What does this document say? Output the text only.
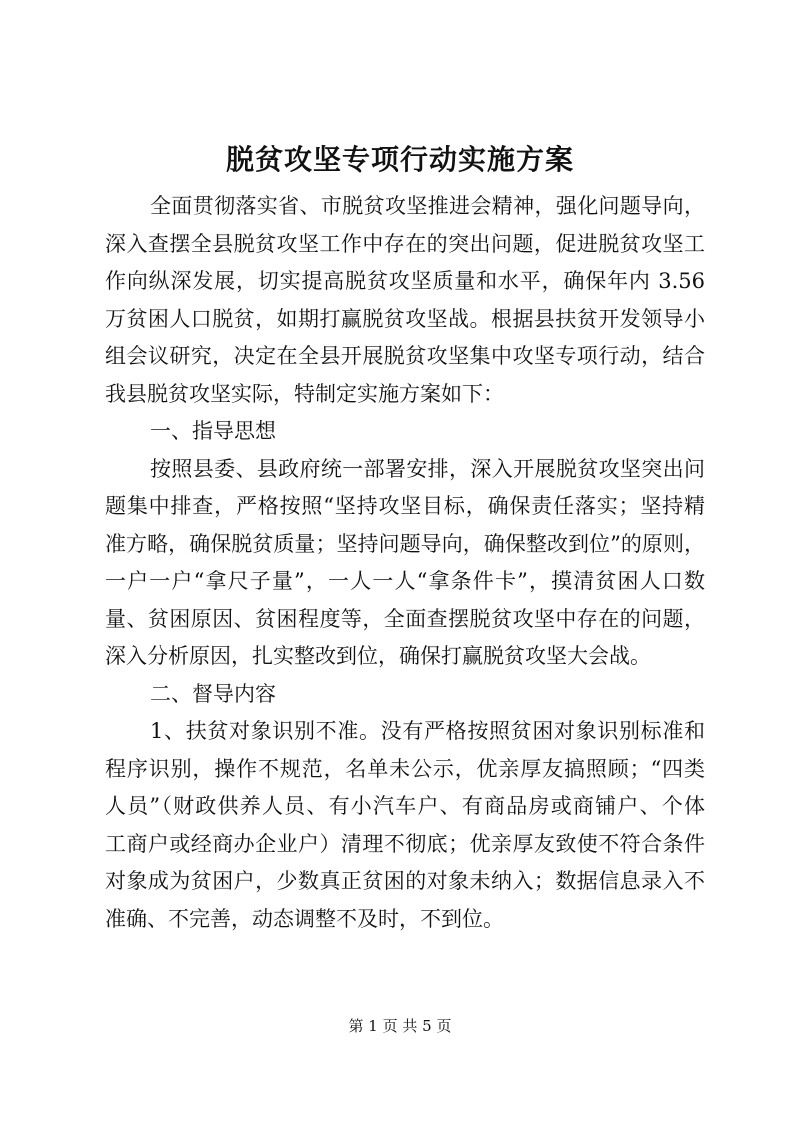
脱贫攻坚专项行动实施方案
全面贯彻落实省、市脱贫攻坚推进会精神，强化问题导向，
深入查摆全县脱贫攻坚工作中存在的突出问题，促进脱贫攻坚工
作向纵深发展，切实提高脱贫攻坚质量和水平，确保年内 3.56
万贫困人口脱贫，如期打赢脱贫攻坚战。根据县扶贫开发领导小
组会议研究，决定在全县开展脱贫攻坚集中攻坚专项行动，结合
我县脱贫攻坚实际，特制定实施方案如下：
一、指导思想
按照县委、县政府统一部署安排，深入开展脱贫攻坚突出问
题集中排查，严格按照“坚持攻坚目标，确保责任落实；坚持精
准方略，确保脱贫质量；坚持问题导向，确保整改到位”的原则，
一户一户“拿尺子量”，一人一人“拿条件卡”，摸清贫困人口数
量、贫困原因、贫困程度等，全面查摆脱贫攻坚中存在的问题，
深入分析原因，扎实整改到位，确保打赢脱贫攻坚大会战。
二、督导内容
1、扶贫对象识别不准。没有严格按照贫困对象识别标准和
程序识别，操作不规范，名单未公示，优亲厚友搞照顾；“四类
人员”（财政供养人员、有小汽车户、有商品房或商铺户、个体
工商户或经商办企业户）清理不彻底；优亲厚友致使不符合条件
对象成为贫困户，少数真正贫困的对象未纳入；数据信息录入不
准确、不完善，动态调整不及时，不到位。
第 1 页 共 5 页
